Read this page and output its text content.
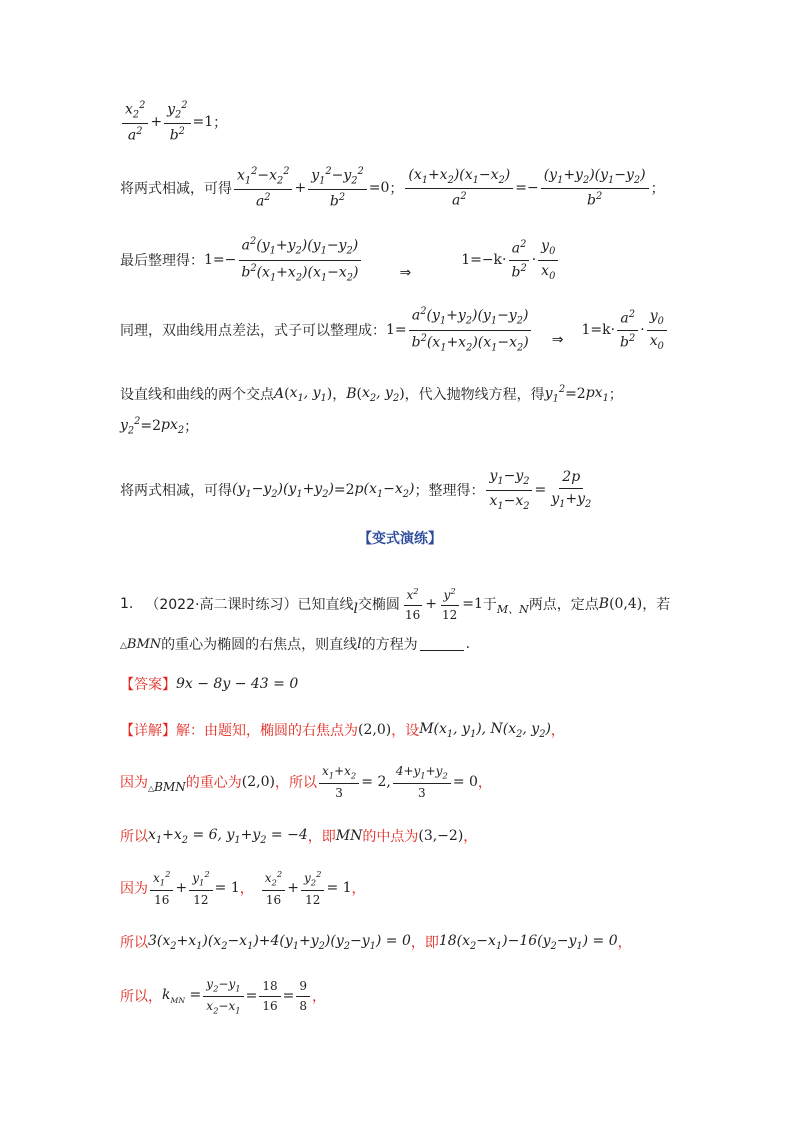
$\frac{x_2^2}{a^2} + \frac{y_2^2}{b^2} =1$ ；
将两式相减，可得 $\frac{x_1^2-x_2^2}{a^2} + \frac{y_1^2-y_2^2}{b^2} =0$ ； $\frac{(x_1+x_2)(x_1-x_2)}{a^2} =- \frac{(y_1+y_2)(y_1-y_2)}{b^2}$ ；
最后整理得： $1=- \frac{a^2(y_1+y_2)(y_1-y_2)}{b^2(x_1+x_2)(x_1-x_2)}$	⇒
$1=-k\cdot \frac{a^2}{b^2} \cdot \frac{y_0}{x_0}$
同理，双曲线用点差法，式子可以整理成： $1= \frac{a^2(y_1+y_2)(y_1-y_2)}{b^2(x_1+x_2)(x_1-x_2)}$ ⇒
$1=k\cdot \frac{a^2}{b^2} \cdot \frac{y_0}{x_0}$
设直线和曲线的两个交点 A ( $x_1$, $y_1$ ) ， B ( $x_2$, $y_2$ ) ，代入抛物线方程，得 $y_1^2 =2$ $px_1$ ；
$y_2^2 =2$ $px_2$ ；
将两式相减，可得 $(y_1-y_2)(y_1+y_2) =2$ $p(x_1-x_2)$ ；整理得： $\frac{y_1-y_2}{x_1-x_2} = \frac{2p}{y_1+y_2}$
【变式演练】
1. （2022·高二课时练习） 已知直线 l 交椭圆 $\frac{x^2}{16} + \frac{y^2}{12} =1$ 于 M、N 两点，定点 B (0,4) ，若
△BMN 的重心为椭圆的右焦点，则直线 l 的方程为	.
【答案】 9x − 8y − 43 = 0
【详解】 解：由题知，椭圆的右焦点为 (2,0) ，设 $M(x_1$, $y_1$), $N(x_2$, $y_2$) ，
因为 △BMN 的重心为 (2,0) ，所以 $\frac{x_1+x_2}{3} = 2$, $\frac{4+y_1+y_2}{3} = 0$ ，
所以 $x_1+x_2 = 6$, $y_1+y_2 = -4$ ，即 MN 的中点为 (3,−2) ，
因为 $\frac{x_1^2}{16} + \frac{y_1^2}{12} = 1$ ， $\frac{x_2^2}{16} + \frac{y_2^2}{12} = 1$ ，
所以 $3(x_2+x_1)(x_2-x_1)+4(y_1+y_2)(y_2-y_1) = 0$ ，即 $18(x_2-x_1)-16(y_2-y_1) = 0$ ，
所以， $k_{MN} = \frac{y_2-y_1}{x_2-x_1} = \frac{18}{16} = \frac{9}{8}$ ，
